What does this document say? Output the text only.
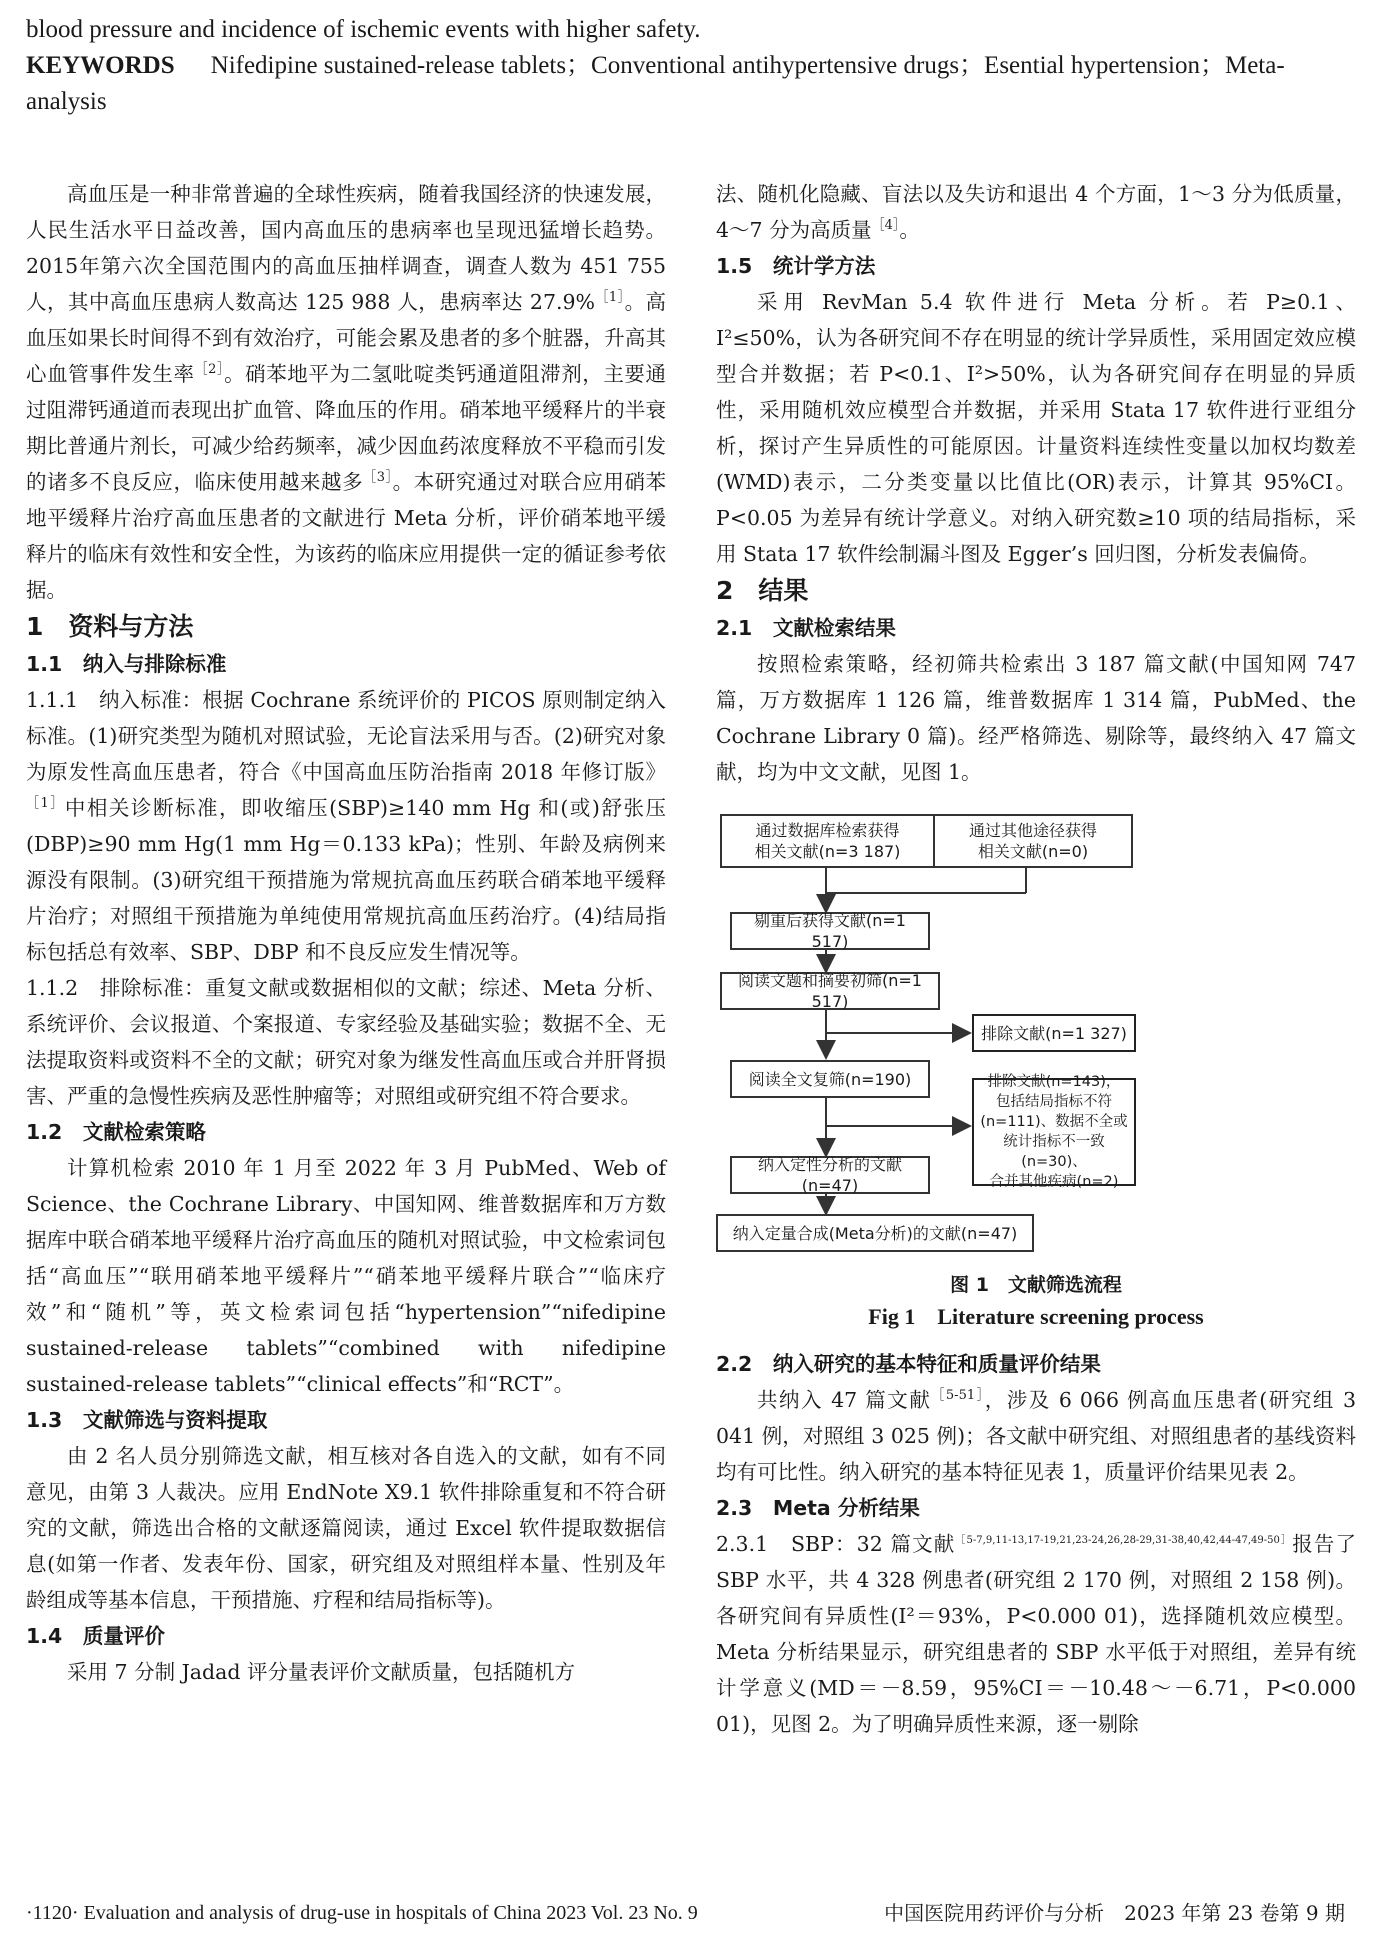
blood pressure and incidence of ischemic events with higher safety.

KEYWORDS Nifedipine sustained-release tablets；Conventional antihypertensive drugs；Esential hypertension；Meta-analysis

高血压是一种非常普遍的全球性疾病，随着我国经济的快速发展，人民生活水平日益改善，国内高血压的患病率也呈现迅猛增长趋势。2015年第六次全国范围内的高血压抽样调查，调查人数为 451 755 人，其中高血压患病人数高达 125 988 人，患病率达 27.9%$^{[1]}$。高血压如果长时间得不到有效治疗，可能会累及患者的多个脏器，升高其心血管事件发生率$^{[2]}$。硝苯地平为二氢吡啶类钙通道阻滞剂，主要通过阻滞钙通道而表现出扩血管、降血压的作用。硝苯地平缓释片的半衰期比普通片剂长，可减少给药频率，减少因血药浓度释放不平稳而引发的诸多不良反应，临床使用越来越多$^{[3]}$。本研究通过对联合应用硝苯地平缓释片治疗高血压患者的文献进行 Meta 分析，评价硝苯地平缓释片的临床有效性和安全性，为该药的临床应用提供一定的循证参考依据。

1　资料与方法
1.1　纳入与排除标准

1.1.1　纳入标准：根据 Cochrane 系统评价的 PICOS 原则制定纳入标准。(1)研究类型为随机对照试验，无论盲法采用与否。(2)研究对象为原发性高血压患者，符合《中国高血压防治指南 2018 年修订版》$^{[1]}$中相关诊断标准，即收缩压(SBP)≥140 mm Hg 和(或)舒张压(DBP)≥90 mm Hg(1 mm Hg＝0.133 kPa)；性别、年龄及病例来源没有限制。(3)研究组干预措施为常规抗高血压药联合硝苯地平缓释片治疗；对照组干预措施为单纯使用常规抗高血压药治疗。(4)结局指标包括总有效率、SBP、DBP 和不良反应发生情况等。

1.1.2　排除标准：重复文献或数据相似的文献；综述、Meta 分析、系统评价、会议报道、个案报道、专家经验及基础实验；数据不全、无法提取资料或资料不全的文献；研究对象为继发性高血压或合并肝肾损害、严重的急慢性疾病及恶性肿瘤等；对照组或研究组不符合要求。

1.2　文献检索策略

计算机检索 2010 年 1 月至 2022 年 3 月 PubMed、Web of Science、the Cochrane Library、中国知网、维普数据库和万方数据库中联合硝苯地平缓释片治疗高血压的随机对照试验，中文检索词包括“高血压”“联用硝苯地平缓释片”“硝苯地平缓释片联合”“临床疗效”和“随机”等，英文检索词包括“hypertension”“nifedipine sustained-release tablets”“combined with nifedipine sustained-release tablets”“clinical effects”和“RCT”。

1.3　文献筛选与资料提取

由 2 名人员分别筛选文献，相互核对各自选入的文献，如有不同意见，由第 3 人裁决。应用 EndNote X9.1 软件排除重复和不符合研究的文献，筛选出合格的文献逐篇阅读，通过 Excel 软件提取数据信息(如第一作者、发表年份、国家，研究组及对照组样本量、性别及年龄组成等基本信息，干预措施、疗程和结局指标等)。

1.4　质量评价

采用 7 分制 Jadad 评分量表评价文献质量，包括随机方

法、随机化隐藏、盲法以及失访和退出 4 个方面，1～3 分为低质量，4～7 分为高质量$^{[4]}$。

1.5　统计学方法

采用 RevMan 5.4 软件进行 Meta 分析。若 P≥0.1、I²≤50%，认为各研究间不存在明显的统计学异质性，采用固定效应模型合并数据；若 P<0.1、I²>50%，认为各研究间存在明显的异质性，采用随机效应模型合并数据，并采用 Stata 17 软件进行亚组分析，探讨产生异质性的可能原因。计量资料连续性变量以加权均数差(WMD)表示，二分类变量以比值比(OR)表示，计算其 95%CI。P<0.05 为差异有统计学意义。对纳入研究数≥10 项的结局指标，采用 Stata 17 软件绘制漏斗图及 Egger’s 回归图，分析发表偏倚。

2　结果
2.1　文献检索结果

按照检索策略，经初筛共检索出 3 187 篇文献(中国知网 747 篇，万方数据库 1 126 篇，维普数据库 1 314 篇，PubMed、the Cochrane Library 0 篇)。经严格筛选、剔除等，最终纳入 47 篇文献，均为中文文献，见图 1。

通过数据库检索获得
相关文献(n=3 187)
通过其他途径获得
相关文献(n=0)
剔重后获得文献(n=1 517)
阅读文题和摘要初筛(n=1 517)
排除文献(n=1 327)
阅读全文复筛(n=190)	排除文献(n=143)，
包括结局指标不符
(n=111)、数据不全或
统计指标不一致(n=30)、
合并其他疾病(n=2)
纳入定性分析的文献(n=47)
纳入定量合成(Meta分析)的文献(n=47)
图 1　文献筛选流程
Fig 1　Literature screening process
2.2　纳入研究的基本特征和质量评价结果

共纳入 47 篇文献$^{[5-51]}$，涉及 6 066 例高血压患者(研究组 3 041 例，对照组 3 025 例)；各文献中研究组、对照组患者的基线资料均有可比性。纳入研究的基本特征见表 1，质量评价结果见表 2。

2.3　Meta 分析结果

2.3.1　SBP：32 篇文献$^{[5-7,9,11-13,17-19,21,23-24,26,28-29,31-38,40,42,44-47,49-50]}$报告了 SBP 水平，共 4 328 例患者(研究组 2 170 例，对照组 2 158 例)。各研究间有异质性(I²＝93%，P<0.000 01)，选择随机效应模型。Meta 分析结果显示，研究组患者的 SBP 水平低于对照组，差异有统计学意义(MD＝－8.59，95%CI＝－10.48～－6.71，P<0.000 01)，见图 2。为了明确异质性来源，逐一剔除

·1120· Evaluation and analysis of drug-use in hospitals of China 2023 Vol. 23 No. 9	中国医院用药评价与分析　2023 年第 23 卷第 9 期
